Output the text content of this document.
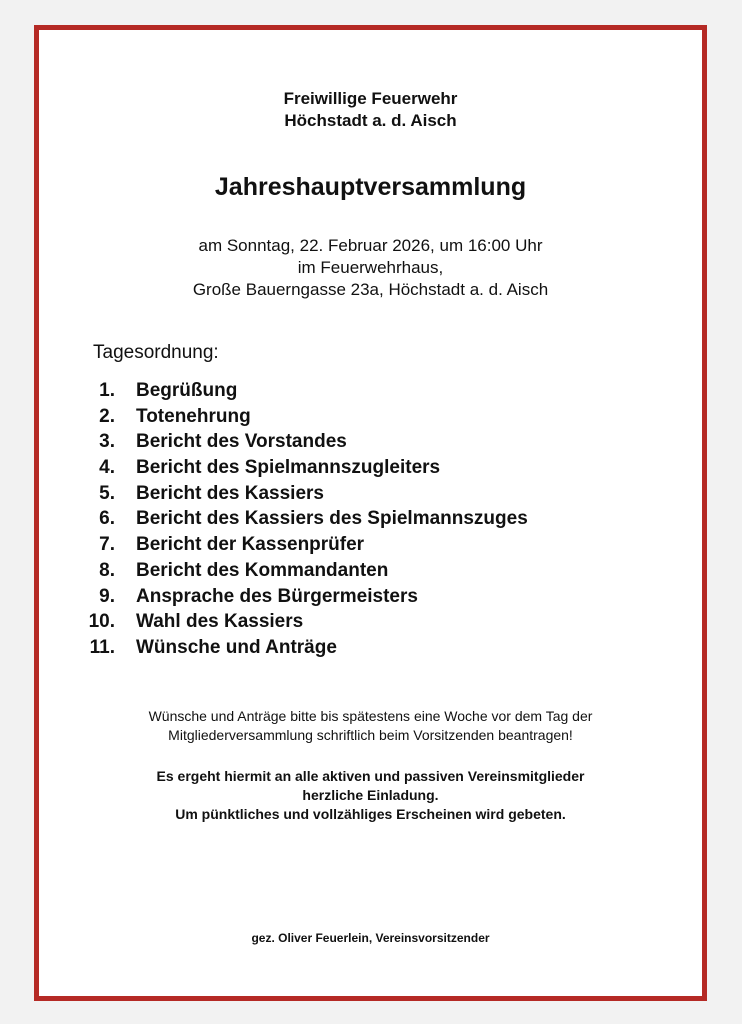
Freiwillige Feuerwehr
Höchstadt a. d. Aisch
Jahreshauptversammlung
am Sonntag, 22. Februar 2026, um 16:00 Uhr
im Feuerwehrhaus,
Große Bauerngasse 23a, Höchstadt a. d. Aisch
Tagesordnung:
1.	Begrüßung
2.	Totenehrung
3.	Bericht des Vorstandes
4.	Bericht des Spielmannszugleiters
5.	Bericht des Kassiers
6.	Bericht des Kassiers des Spielmannszuges
7.	Bericht der Kassenprüfer
8.	Bericht des Kommandanten
9.	Ansprache des Bürgermeisters
10.	Wahl des Kassiers
11.	Wünsche und Anträge
Wünsche und Anträge bitte bis spätestens eine Woche vor dem Tag der
Mitgliederversammlung schriftlich beim Vorsitzenden beantragen!
Es ergeht hiermit an alle aktiven und passiven Vereinsmitglieder
herzliche Einladung.
Um pünktliches und vollzähliges Erscheinen wird gebeten.
gez. Oliver Feuerlein, Vereinsvorsitzender
